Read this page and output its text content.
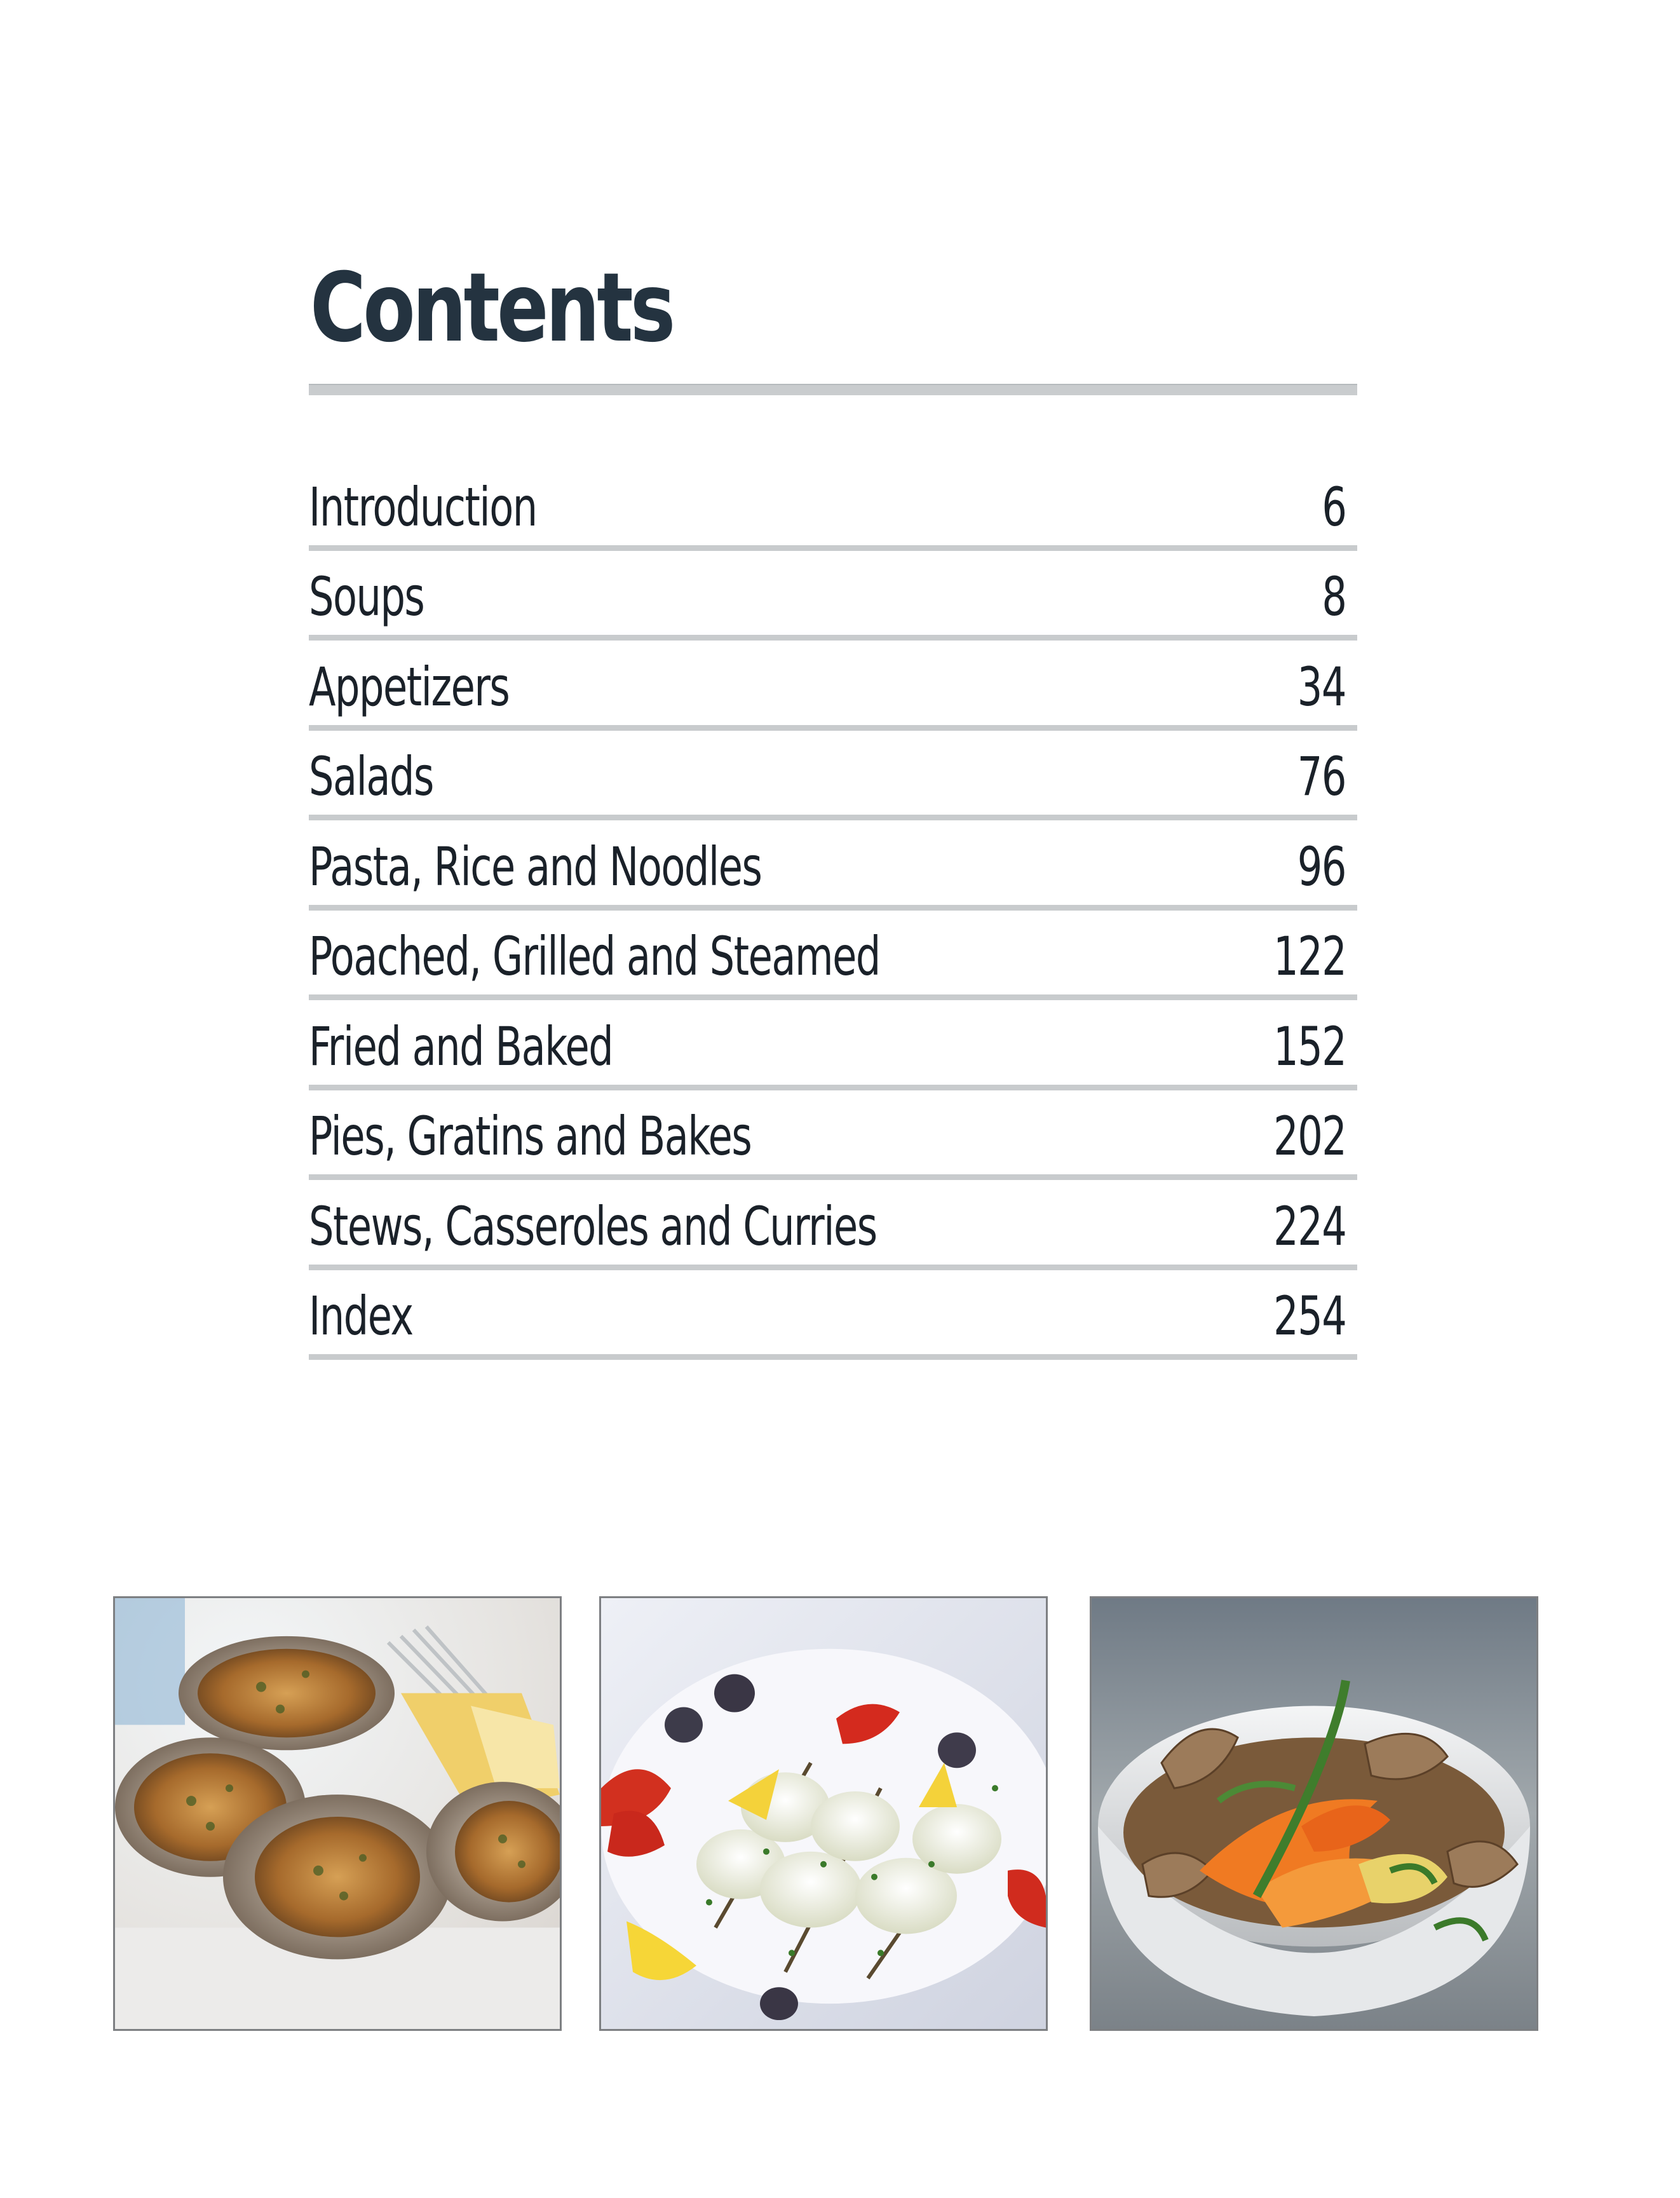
Contents
Introduction	6
Soups	8
Appetizers	34
Salads	76
Pasta, Rice and Noodles	96
Poached, Grilled and Steamed	122
Fried and Baked	152
Pies, Gratins and Bakes	202
Stews, Casseroles and Curries	224
Index	254
